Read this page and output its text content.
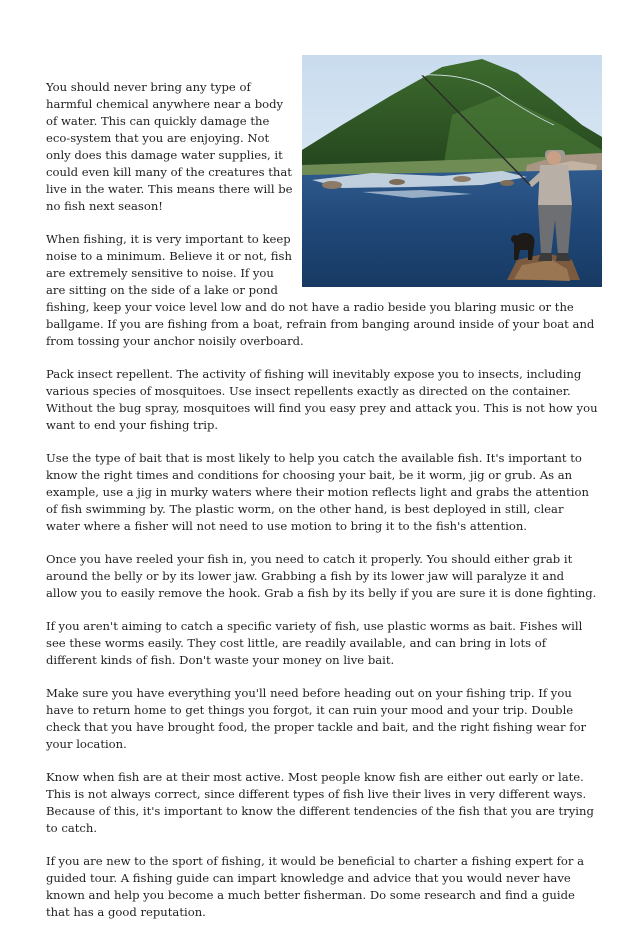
You should never bring any type of harmful chemical anywhere near a body of water. This can quickly damage the eco-system that you are enjoying. Not only does this damage water supplies, it could even kill many of the creatures that live in the water. This means there will be no fish next season!

When fishing, it is very important to keep noise to a minimum. Believe it or not, fish are extremely sensitive to noise. If you are sitting on the side of a lake or pond fishing, keep your voice level low and do not have a radio beside you blaring music or the ballgame. If you are fishing from a boat, refrain from banging around inside of your boat and from tossing your anchor noisily overboard.

Pack insect repellent. The activity of fishing will inevitably expose you to insects, including various species of mosquitoes. Use insect repellents exactly as directed on the container. Without the bug spray, mosquitoes will find you easy prey and attack you. This is not how you want to end your fishing trip.

Use the type of bait that is most likely to help you catch the available fish. It's important to know the right times and conditions for choosing your bait, be it worm, jig or grub. As an example, use a jig in murky waters where their motion reflects light and grabs the attention of fish swimming by. The plastic worm, on the other hand, is best deployed in still, clear water where a fisher will not need to use motion to bring it to the fish's attention.

Once you have reeled your fish in, you need to catch it properly. You should either grab it around the belly or by its lower jaw. Grabbing a fish by its lower jaw will paralyze it and allow you to easily remove the hook. Grab a fish by its belly if you are sure it is done fighting.

If you aren't aiming to catch a specific variety of fish, use plastic worms as bait. Fishes will see these worms easily. They cost little, are readily available, and can bring in lots of different kinds of fish. Don't waste your money on live bait.

Make sure you have everything you'll need before heading out on your fishing trip. If you have to return home to get things you forgot, it can ruin your mood and your trip. Double check that you have brought food, the proper tackle and bait, and the right fishing wear for your location.

Know when fish are at their most active. Most people know fish are either out early or late. This is not always correct, since different types of fish live their lives in very different ways. Because of this, it's important to know the different tendencies of the fish that you are trying to catch.

If you are new to the sport of fishing, it would be beneficial to charter a fishing expert for a guided tour. A fishing guide can impart knowledge and advice that you would never have known and help you become a much better fisherman. Do some research and find a guide that has a good reputation.
